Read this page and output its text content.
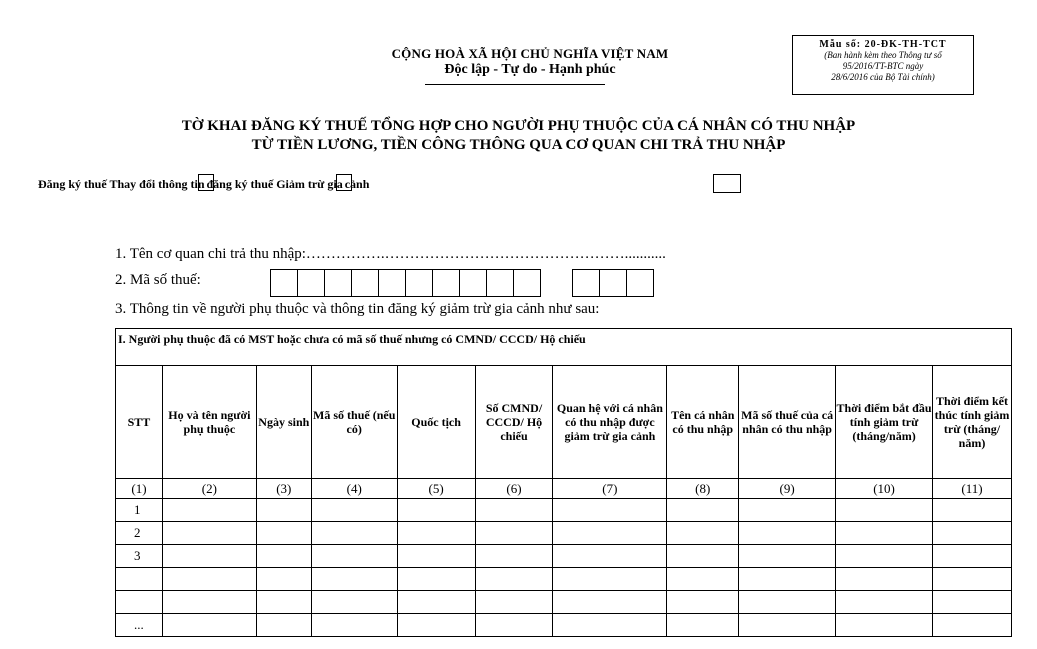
CỘNG HOÀ XÃ HỘI CHỦ NGHĨA VIỆT NAM
Độc lập - Tự do - Hạnh phúc
Mẫu số: 20-ĐK-TH-TCT
(Ban hành kèm theo Thông tư số
95/2016/TT-BTC ngày
28/6/2016 của Bộ Tài chính)
TỜ KHAI ĐĂNG KÝ THUẾ TỔNG HỢP CHO NGƯỜI PHỤ THUỘC CỦA CÁ NHÂN CÓ THU NHẬP
TỪ TIỀN LƯƠNG, TIỀN CÔNG THÔNG QUA CƠ QUAN CHI TRẢ THU NHẬP
Đăng ký thuế Thay đổi thông tin đăng ký thuế Giảm trừ gia cảnh
1. Tên cơ quan chi trả thu nhập:…………….…………………………………………...........
2. Mã số thuế:
3. Thông tin về người phụ thuộc và thông tin đăng ký giảm trừ gia cảnh như sau:
I. Người phụ thuộc đã có MST hoặc chưa có mã số thuế nhưng có CMND/ CCCD/ Hộ chiếu										
STT	Họ và tên người phụ thuộc	Ngày sinh	Mã số thuế (nếu có)	Quốc tịch	Số CMND/ CCCD/ Hộ chiếu	Quan hệ với cá nhân có thu nhập được giảm trừ gia cảnh	Tên cá nhân có thu nhập	Mã số thuế của cá nhân có thu nhập	Thời điểm bắt đầu tính giảm trừ (tháng/năm)	Thời điểm kết thúc tính giảm trừ (tháng/ năm)
(1)	(2)	(3)	(4)	(5)	(6)	(7)	(8)	(9)	(10)	(11)
1										
2										
3										

...										
